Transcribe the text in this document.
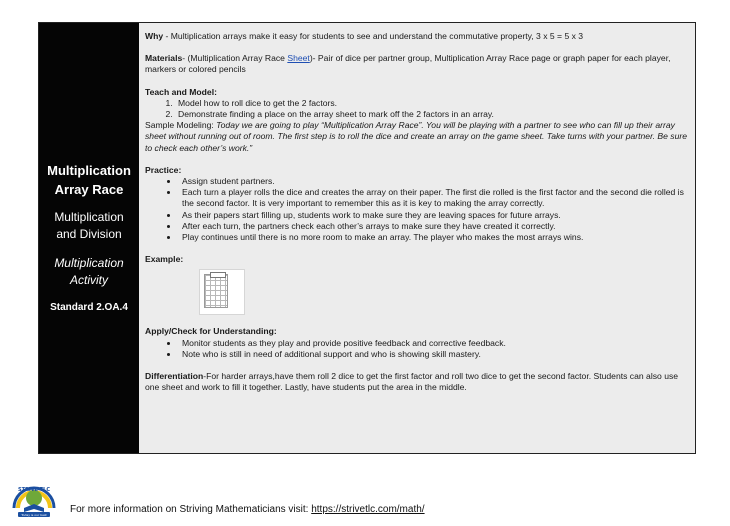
Multiplication Array Race
Multiplication and Division
Multiplication Activity
Standard 2.OA.4

Why - Multiplication arrays make it easy for students to see and understand the commutative property, 3 x 5 = 5 x 3

Materials- (Multiplication Array Race Sheet)- Pair of dice per partner group, Multiplication Array Race page or graph paper for each player, markers or colored pencils

Teach and Model:

1. Model how to roll dice to get the 2 factors.
2. Demonstrate finding a place on the array sheet to mark off the 2 factors in an array.

Sample Modeling: Today we are going to play “Multiplication Array Race”. You will be playing with a partner to see who can fill up their array sheet without running out of room. The first step is to roll the dice and create an array on the game sheet. Take turns with your partner. Be sure to check each other’s work.”

Practice:

• Assign student partners.
• Each turn a player rolls the dice and creates the array on their paper. The first die rolled is the first factor and the second die rolled is the second factor. It is very important to remember this as it is key to making the array correctly.
• As their papers start filling up, students work to make sure they are leaving spaces for future arrays.
• After each turn, the partners check each other’s arrays to make sure they have created it correctly.
• Play continues until there is no more room to make an array. The player who makes the most arrays wins.

Example:

Apply/Check for Understanding:

• Monitor students as they play and provide positive feedback and corrective feedback.
• Note who is still in need of additional support and who is showing skill mastery.

Differentiation-For harder arrays,have them roll 2 dice to get the first factor and roll two dice to get the second factor. Students can also use one sheet and work to fill it together. Lastly, have students put the area in the middle.

STRIVE TLC
Today is our best For more information on Striving Mathematicians visit: https://strivetlc.com/math/
